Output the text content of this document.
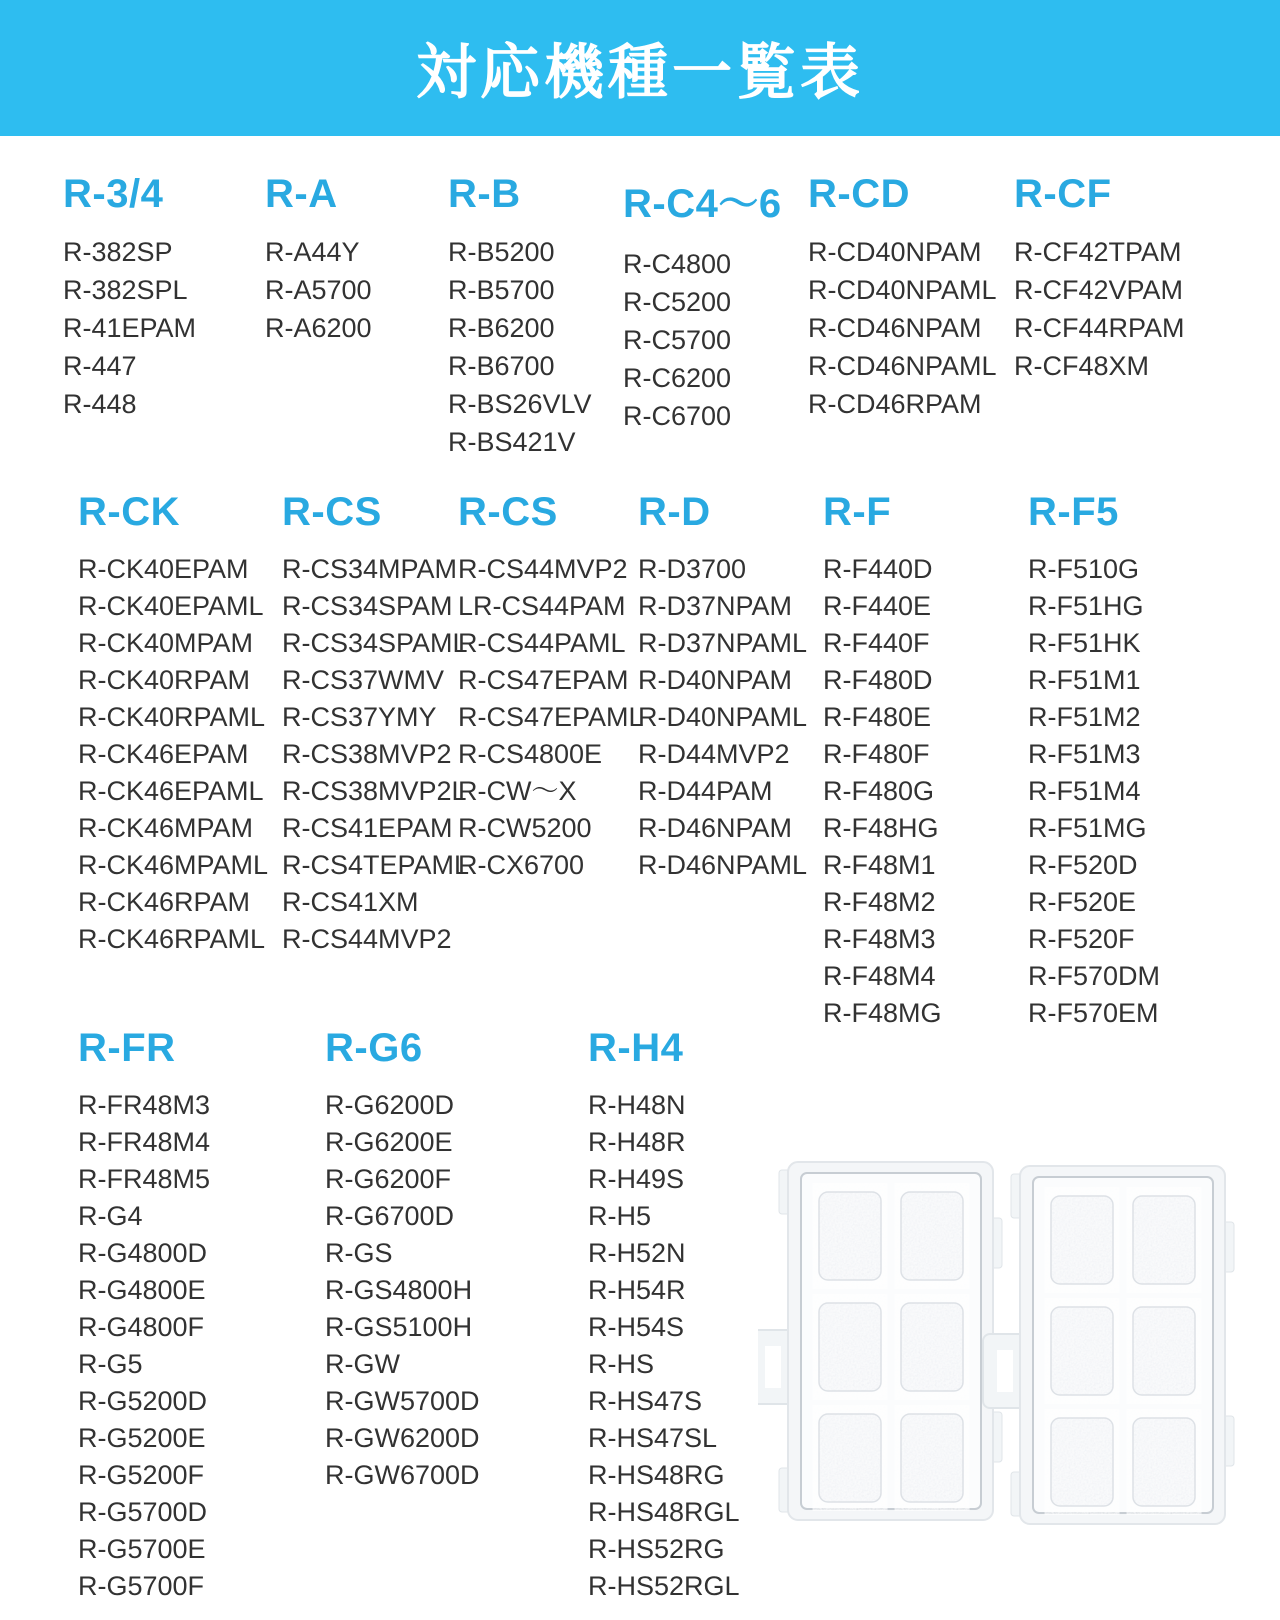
対応機種一覧表
R-3/4
R-382SP
R-382SPL
R-41EPAM
R-447
R-448
R-A
R-A44Y
R-A5700
R-A6200
R-B
R-B5200
R-B5700
R-B6200
R-B6700
R-BS26VLV
R-BS421V
R-C4〜6
R-C4800
R-C5200
R-C5700
R-C6200
R-C6700
R-CD
R-CD40NPAM
R-CD40NPAML
R-CD46NPAM
R-CD46NPAML
R-CD46RPAM
R-CF
R-CF42TPAM
R-CF42VPAM
R-CF44RPAM
R-CF48XM
R-CK
R-CK40EPAM
R-CK40EPAML
R-CK40MPAM
R-CK40RPAM
R-CK40RPAML
R-CK46EPAM
R-CK46EPAML
R-CK46MPAM
R-CK46MPAML
R-CK46RPAM
R-CK46RPAML
R-CS
R-CS34MPAM
R-CS34SPAM
R-CS34SPAML
R-CS37WMV
R-CS37YMY
R-CS38MVP2
R-CS38MVP2L
R-CS41EPAM
R-CS4TEPAML
R-CS41XM
R-CS44MVP2
R-CS
R-CS44MVP2
LR-CS44PAM
R-CS44PAML
R-CS47EPAM
R-CS47EPAML
R-CS4800E
R-CW〜X
R-CW5200
R-CX6700
R-D
R-D3700
R-D37NPAM
R-D37NPAML
R-D40NPAM
R-D40NPAML
R-D44MVP2
R-D44PAM
R-D46NPAM
R-D46NPAML
R-F
R-F440D
R-F440E
R-F440F
R-F480D
R-F480E
R-F480F
R-F480G
R-F48HG
R-F48M1
R-F48M2
R-F48M3
R-F48M4
R-F48MG
R-F5
R-F510G
R-F51HG
R-F51HK
R-F51M1
R-F51M2
R-F51M3
R-F51M4
R-F51MG
R-F520D
R-F520E
R-F520F
R-F570DM
R-F570EM
R-FR
R-FR48M3
R-FR48M4
R-FR48M5
R-G4
R-G4800D
R-G4800E
R-G4800F
R-G5
R-G5200D
R-G5200E
R-G5200F
R-G5700D
R-G5700E
R-G5700F
R-G6
R-G6200D
R-G6200E
R-G6200F
R-G6700D
R-GS
R-GS4800H
R-GS5100H
R-GW
R-GW5700D
R-GW6200D
R-GW6700D
R-H4
R-H48N
R-H48R
R-H49S
R-H5
R-H52N
R-H54R
R-H54S
R-HS
R-HS47S
R-HS47SL
R-HS48RG
R-HS48RGL
R-HS52RG
R-HS52RGL
